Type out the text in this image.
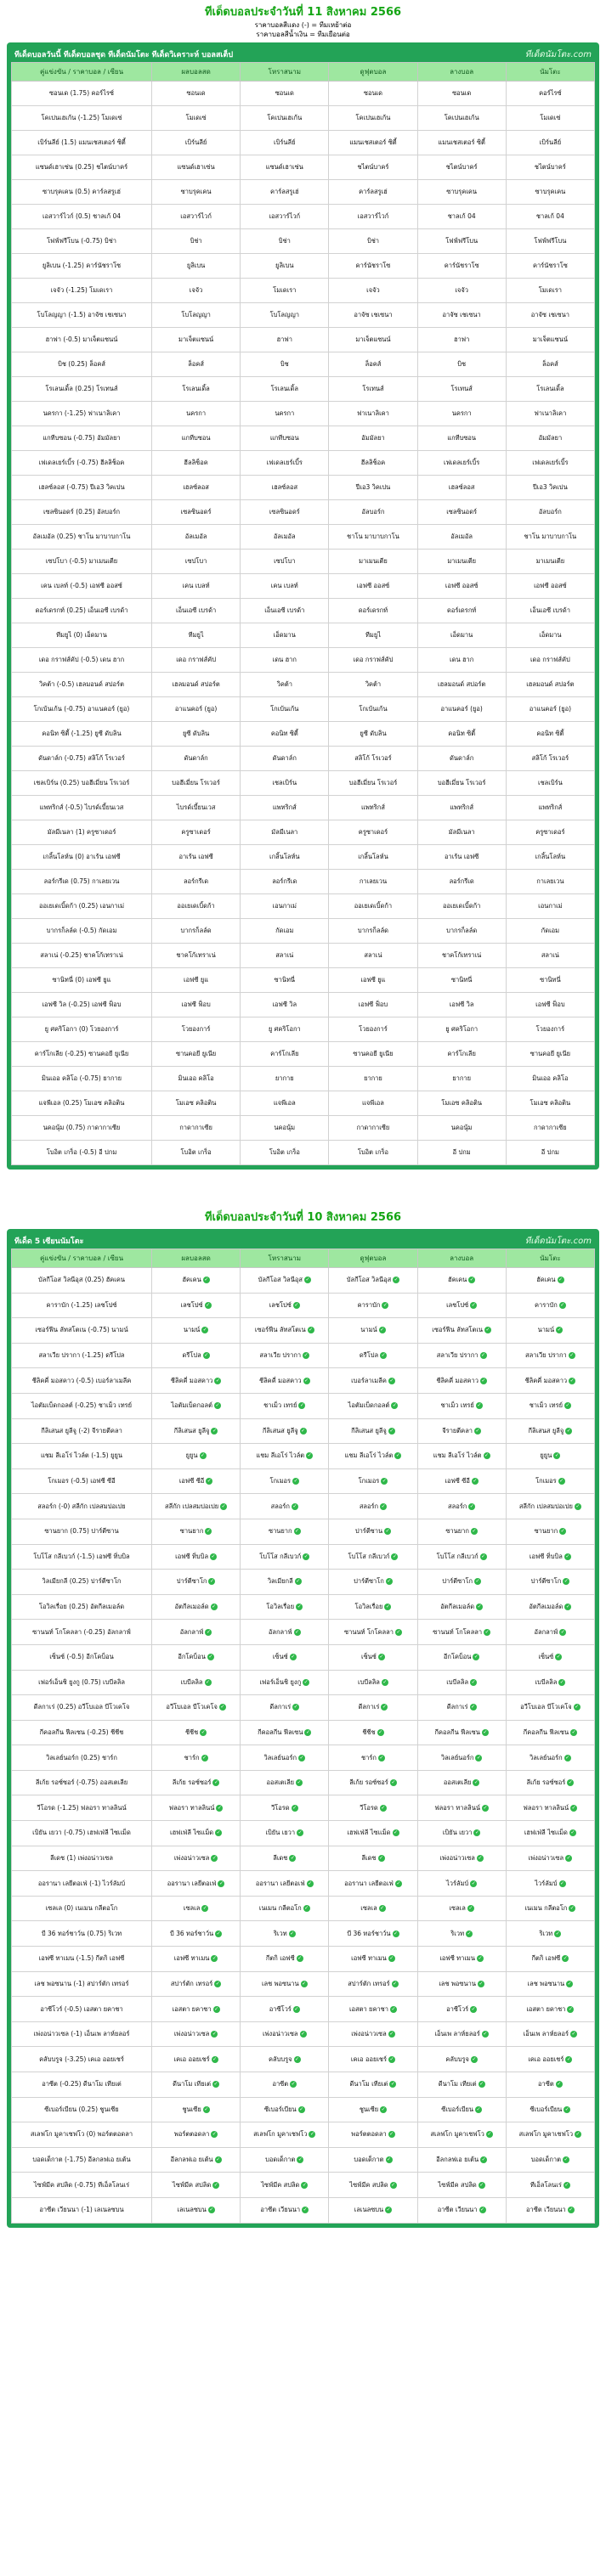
ทีเด็ดบอลประจำวันที่ 11 สิงหาคม 2566
ราคาบอลสีแดง (-) = ทีมเหย้าต่อ
ราคาบอลสีน้ำเงิน = ทีมเยือนต่อ
ทีเด็ดบอลวันนี้ ทีเด็ดบอลชุด ทีเด็ดนัมโตะ ทีเด็ดวิเคราะห์ บอลสเต็ป	ทีเด็ดนัมโตะ.com
คู่แข่งขัน / ราคาบอล / เซียน	ผลบอลสด	โหราสนาม	ดูฟุตบอล	ลางบอล	นัมโตะ
ซอนเด (1.75) คอร์ไรซ์	ซอนเด	ซอนเด	ซอนเด	ซอนเด	คอร์ไรซ์
โคเปนเฮเก้น (-1.25) โมเดเซ่	โมเดเซ่	โคเปนเฮเก้น	โคเปนเฮเก้น	โคเปนเฮเก้น	โมเดเซ่
เบิร์นลีย์ (1.5) แมนเชสเตอร์ ซิตี้	เบิร์นลีย์	เบิร์นลีย์	แมนเชสเตอร์ ซิตี้	แมนเชสเตอร์ ซิตี้	เบิร์นลีย์
แซนด์เฮาเซ่น (0.25) ชไตน์บาคร์	แซนด์เฮาเซ่น	แซนด์เฮาเซ่น	ชไตน์บาคร์	ชไตน์บาคร์	ชไตน์บาคร์
ซาบรุคเคน (0.5) คาร์ลสรูเฮ่	ซาบรุคเคน	คาร์ลสรูเฮ่	คาร์ลสรูเฮ่	ซาบรุคเคน	ซาบรุคเคน
เอสวาร์ไวก์ (0.5) ชาลเก้ 04	เอสวาร์ไวก์	เอสวาร์ไวก์	เอสวาร์ไวก์	ชาลเก้ 04	ชาลเก้ 04
โฟฟ์ฟรีโบน (-0.75) บิช่า	บิช่า	บิช่า	บิช่า	โฟฟ์ฟรีโบน	โฟฟ์ฟรีโบน
ยูลิเบน (-1.25) คาร์นัชราโซ	ยูลิเบน	ยูลิเบน	คาร์นัชราโซ	คาร์นัชราโซ	คาร์นัชราโซ
เจจัว (-1.25) โมเดเรา	เจจัว	โมเดเรา	เจจัว	เจจัว	โมเดเรา
โบโลญญา (-1.5) อาจัซ เชเซนา	โบโลญญา	โบโลญญา	อาจัซ เชเซนา	อาจัซ เชเซนา	อาจัซ เชเซนา
ฮาฟา (-0.5) มาเจ็ตแซนน์	มาเจ็ตแซนน์	ฮาฟา	มาเจ็ตแซนน์	ฮาฟา	มาเจ็ตแซนน์
บิช (0.25) ล็อคส์	ล็อคส์	บิช	ล็อคส์	บิช	ล็อคส์
โรเลนเดิ้ล (0.25) โรเทนส์	โรเลนเดิ้ล	โรเลนเดิ้ล	โรเทนส์	โรเทนส์	โรเลนเดิ้ล
นครกา (-1.25) ฟาเนาลิเคา	นครกา	นครกา	ฟาเนาลิเคา	นครกา	ฟาเนาลิเคา
แกทีบซอน (-0.75) อัมมัลยา	แกทีบซอน	แกทีบซอน	อัมมัลยา	แกทีบซอน	อัมมัลยา
เฟเดลเยร์เบิ้ร (-0.75) ฮีลลิช็อค	ฮีลลิช็อค	เฟเดลเยร์เบิ้ร	ฮีลลิช็อค	เฟเดลเยร์เบิ้ร	เฟเดลเยร์เบิ้ร
เฮลซ์ลอส (-0.75) ปีเอ3 วิคเปน	เฮลซ์ลอส	เฮลซ์ลอส	ปีเอ3 วิคเปน	เฮลซ์ลอส	ปีเอ3 วิคเปน
เซลซินอดร์ (0.25) อัลบอร์ก	เซลซินอดร์	เซลซินอดร์	อัลบอร์ก	เซลซินอดร์	อัลบอร์ก
อัลเมอัล (0.25) ชาโน มาบาบกาโน	อัลเมอัล	อัลเมอัล	ชาโน มาบาบกาโน	อัลเมอัล	ชาโน มาบาบกาโน
เซปโบา (-0.5) มาเมนเตีย	เซปโบา	เซปโบา	มาเมนเตีย	มาเมนเตีย	มาเมนเตีย
เคน เบลท์ (-0.5) เอฟซี ออสซ์	เคน เบลท์	เคน เบลท์	เอฟซี ออสซ์	เอฟซี ออสซ์	เอฟซี ออสซ์
ดอร์เดรกท์ (0.25) เอ็นเอซี เบรด้า	เอ็นเอซี เบรด้า	เอ็นเอซี เบรด้า	ดอร์เดรกท์	ดอร์เดรกท์	เอ็นเอซี เบรด้า
ทีมยูไ (0) เอ็ดมาน	ทีมยูไ	เอ็ดมาน	ทีมยูไ	เอ็ดมาน	เอ็ดมาน
เดอ กราฟส์คัป (-0.5) เดน ฮาก	เดอ กราฟส์คัป	เดน ฮาก	เดอ กราฟส์คัป	เดน ฮาก	เดอ กราฟส์คัป
วิคต้า (-0.5) เฮลมอนด์ สปอร์ต	เฮลมอนด์ สปอร์ต	วิคต้า	วิคต้า	เฮลมอนด์ สปอร์ต	เฮลมอนด์ สปอร์ต
โกเบ้นเก้น (-0.75) อาแนคอร์ (ยูอ)	อาแนคอร์ (ยูอ)	โกเบ้นเก้น	โกเบ้นเก้น	อาแนคอร์ (ยูอ)	อาแนคอร์ (ยูอ)
คอนิท ซิตี้ (-1.25) ยูซี ดับลิน	ยูซี ดับลิน	คอนิท ซิตี้	ยูซี ดับลิน	คอนิท ซิตี้	คอนิท ซิตี้
ดันดาล์ก (-0.75) สลิโก้ โรเวอร์	ดันดาล์ก	ดันดาล์ก	สลิโก้ โรเวอร์	ดันดาล์ก	สลิโก้ โรเวอร์
เชลเบิร์น (0.25) บอฮีเมี่ยน โรเวอร์	บอฮีเมี่ยน โรเวอร์	เชลเบิร์น	บอฮีเมี่ยน โรเวอร์	บอฮีเมี่ยน โรเวอร์	เชลเบิร์น
แพทริกส์ (-0.5) ไบรด์เบี้ยนเวส	ไบรด์เบี้ยนเวส	แพทริกส์	แพทริกส์	แพทริกส์	แพทริกส์
มัลมีเนลา (1) ครูซาเดอร์	ครูซาเดอร์	มัลมีเนลา	ครูซาเดอร์	มัลมีเนลา	ครูซาเดอร์
เกลิ้นโลห์น (0) อาเร้น เอฟซี	อาเร้น เอฟซี	เกลิ้นโลห์น	เกลิ้นโลห์น	อาเร้น เอฟซี	เกลิ้นโลห์น
ลอร์กรีเด (0.75) กาเลยเวน	ลอร์กรีเด	ลอร์กรีเด	กาเลยเวน	ลอร์กรีเด	กาเลยเวน
ออเยเดเบิ้ดก้า (0.25) เอนกาเม่	ออเยเดเบิ้ดก้า	เอนกาเม่	ออเยเดเบิ้ดก้า	ออเยเดเบิ้ดก้า	เอนกาเม่
บากรก็ลล์ด (-0.5) กัดเอม	บากรก็ลล์ด	กัดเอม	บากรก็ลล์ด	บากรก็ลล์ด	กัดเอม
สลาเน่ (-0.25) ชาคโก้เทราเน่	ชาคโก้เทราเน่	สลาเน่	สลาเน่	ชาคโก้เทราเน่	สลาเน่
ซานิทนี่ (0) เอฟซี ยูแ	เอฟซี ยูแ	ซานิทนี่	เอฟซี ยูแ	ซานิทนี่	ซานิทนี่
เอฟซี วิล (-0.25) เอฟซี ฟ็อบ	เอฟซี ฟ็อบ	เอฟซี วิล	เอฟซี ฟ็อบ	เอฟซี วิล	เอฟซี ฟ็อบ
ยู ศคริโอกา (0) โวยองการ์	โวยองการ์	ยู ศคริโอกา	โวยองการ์	ยู ศคริโอกา	โวยองการ์
คาร์โกเลีย (-0.25) ซานคอยี ยูเนีย	ซานคอยี ยูเนีย	คาร์โกเลีย	ซานคอยี ยูเนีย	คาร์โกเลีย	ซานคอยี ยูเนีย
มินเออ คลิโอ (-0.75) ยากาย	มินเออ คลิโอ	ยากาย	ยากาย	ยากาย	มินเออ คลิโอ
แจพีเอล (0.25) โมเอซ คลิอติน	โมเอซ คลิอติน	แจพีเอล	แจพีเอล	โมเอซ คลิอติน	โมเอซ คลิอติน
นคอนุ้ม (0.75) กาดากาเซีย	กาดากาเซีย	นคอนุ้ม	กาดากาเซีย	นคอนุ้ม	กาดากาเซีย
โบอิต เกร็อ (-0.5) อี ปกม	โบอิต เกร็อ	โบอิต เกร็อ	โบอิต เกร็อ	อี ปกม	อี ปกม
ทีเด็ดบอลประจำวันที่ 10 สิงหาคม 2566
ทีเด็ด 5 เซียนนัมโตะ	ทีเด็ดนัมโตะ.com
คู่แข่งขัน / ราคาบอล / เซียน	ผลบอลสด	โหราสนาม	ดูฟุตบอล	ลางบอล	นัมโตะ
บัลกีโอส วิลนีอุส (0.25) ฮัคเคน	ฮัคเคน ✓	บัลกีโอส วิลนีอุส ✓	บัลกีโอส วิลนีอุส ✓	ฮัคเคน ✓	ฮัคเคน ✓
คาราบัก (-1.25) เลชโปซ์	เลชโปซ์ ✓	เลชโปซ์ ✓	คาราบัก ✓	เลชโปซ์ ✓	คาราบัก ✓
เซอร์ฟีน ลัทสโตเน (-0.75) นามน์	นามน์ ✓	เซอร์ฟีน ลัทสโตเน ✓	นามน์ ✓	เซอร์ฟีน ลัทสโตเน ✓	นามน์ ✓
สลาเวีย ปรากา (-1.25) ดรีโปล	ดรีโปล ✓	สลาเวีย ปรากา ✓	ดรีโปล ✓	สลาเวีย ปรากา ✓	สลาเวีย ปรากา ✓
ชีลิคคี่ มอสคาว (-0.5) เบอร์ลาเมลีค	ชีลิคคี่ มอสคาว ✓	ชีลิคคี่ มอสคาว ✓	เบอร์ลาเมลีค ✓	ชีลิคคี่ มอสคาว ✓	ชีลิคคี่ มอสคาว ✓
ไอตัมเบ็ดกอลต์ (-0.25) ชาเม็ว เทรย์	ไอตัมเบ็ดกอลต์ ✓	ชาเม็ว เทรย์ ✓	ไอตัมเบ็ดกอลต์ ✓	ชาเม็ว เทรย์ ✓	ชาเม็ว เทรย์ ✓
กีลิเสนส ยูลีจู (-2) จีรายตีคลา	กีลิเสนส ยูลีจู ✓	กีลิเสนส ยูลีจู ✓	กีลิเสนส ยูลีจู ✓	จีรายตีคลา ✓	กีลิเสนส ยูลีจู ✓
แชม ลีเอโร่ ไวล์ต (-1.5) ยูยูน	ยูยูน ✓	แชม ลีเอโร่ ไวล์ต ✓	แชม ลีเอโร่ ไวล์ต ✓	แชม ลีเอโร่ ไวล์ต ✓	ยูยูน ✓
โกเมอร (-0.5) เอฟซี ซีอี	เอฟซี ซีอี ✓	โกเมอร ✓	โกเมอร ✓	เอฟซี ซีอี ✓	โกเมอร ✓
สลอร์ก (-0) สลีกัก เปลสมปอเปย	สลีกัก เปลสมปอเปย ✓	สลอร์ก ✓	สลอร์ก ✓	สลอร์ก ✓	สลีกัก เปลสมปอเปย ✓
ซานยาก (0.75) ปาร์ตีซาน	ซานยาก ✓	ซานยาก ✓	ปาร์ตีซาน ✓	ซานยาก ✓	ซานยาก ✓
โบโโส กลีเบวก์ (-1.5) เอฟซี ทิ่บบิล	เอฟซี ทิ่บบิล ✓	โบโโส กลีเบวก์ ✓	โบโโส กลีเบวก์ ✓	โบโโส กลีเบวก์ ✓	เอฟซี ทิ่บบิล ✓
วิลเมียกลี (0.25) ปาร์ตีซาโก	ปาร์ตีซาโก ✓	วิลเมียกลี ✓	ปาร์ตีซาโก ✓	ปาร์ตีซาโก ✓	ปาร์ตีซาโก ✓
โอวิลเรื่อย (0.25) อัตกีลเมอล์ด	อัตกีลเมอล์ด ✓	โอวิลเรื่อย ✓	โอวิลเรื่อย ✓	อัตกีลเมอล์ด ✓	อัตกีลเมอล์ด ✓
ซานนท์ โกโคลลา (-0.25) อัลกลาฟ์	อัลกลาฟ์ ✓	อัลกลาฟ์ ✓	ซานนท์ โกโคลลา ✓	ซานนท์ โกโคลลา ✓	อัลกลาฟ์ ✓
เซ็นซ์ (-0.5) อีกโคบ็อน	อีกโคบ็อน ✓	เซ็นซ์ ✓	เซ็นซ์ ✓	อีกโคบ็อน ✓	เซ็นซ์ ✓
เฟอร์เอ็นชิ ยูงกู (0.75) เบบีลลิล	เบบีลลิล ✓	เฟอร์เอ็นชิ ยูงกู ✓	เบบีลลิล ✓	เบบีลลิล ✓	เบบีลลิล ✓
ดีลกาเร่ (0.25) อวีโบเอล บีโวเคโจ	อวีโบเอล บีโวเคโจ ✓	ดีลกาเร่ ✓	ดีลกาเร่ ✓	ดีลกาเร่ ✓	อวีโบเอล บีโวเคโจ ✓
กีคอลกีน ฟีลเซน (-0.25) ชีชีช	ชีชีช ✓	กีคอลกีน ฟีลเซน ✓	ชีชีช ✓	กีคอลกีน ฟีลเซน ✓	กีคอลกีน ฟีลเซน ✓
วิลเลย์นอร์ก (0.25) ชาร์ก	ชาร์ก ✓	วิลเลย์นอร์ก ✓	ชาร์ก ✓	วิลเลย์นอร์ก ✓	วิลเลย์นอร์ก ✓
ลีเก้ย รอซ์ซอร์ (-0.75) ออสเตเลีย	ลีเก้ย รอซ์ซอร์ ✓	ออสเตเลีย ✓	ลีเก้ย รอซ์ซอร์ ✓	ออสเตเลีย ✓	ลีเก้ย รอซ์ซอร์ ✓
วีโอรด (-1.25) ฟลอรา ทาลลินน์	ฟลอรา ทาลลินน์ ✓	วีโอรด ✓	วีโอรด ✓	ฟลอรา ทาลลินน์ ✓	ฟลอรา ทาลลินน์ ✓
เบิยัน เยวา (-0.75) เฮฟเฟ่ลี ไซเเม็ด	เฮฟเฟ่ลี ไซเเม็ด ✓	เบิยัน เยวา ✓	เฮฟเฟ่ลี ไซเเม็ด ✓	เบิยัน เยวา ✓	เฮฟเฟ่ลี ไซเเม็ด ✓
ลีเดช (1) เพ่งอน่าวเซล	เพ่งอน่าวเซล ✓	ลีเดช ✓	ลีเดช ✓	เพ่งอน่าวเซล ✓	เพ่งอน่าวเซล ✓
ออรานา เลยีตอเฟ่ (-1) ไวร์ลัมบ์	ออรานา เลยีตอเฟ่ ✓	ออรานา เลยีตอเฟ่ ✓	ออรานา เลยีตอเฟ่ ✓	ไวร์ลัมบ์ ✓	ไวร์ลัมบ์ ✓
เซลเล (0) เนเมน กลีตอโก	เซลเล ✓	เนเมน กลีตอโก ✓	เซลเล ✓	เซลเล ✓	เนเมน กลีตอโก ✓
บี 36 ทอร์ชาว์น (0.75) ริเวท	บี 36 ทอร์ชาว์น ✓	ริเวท ✓	บี 36 ทอร์ชาว์น ✓	ริเวท ✓	ริเวท ✓
เอฟซี ทาเมน (-1.5) กีตกิ เอฟซี	เอฟซี ทาเมน ✓	กีตกิ เอฟซี ✓	เอฟซี ทาเมน ✓	เอฟซี ทาเมน ✓	กีตกิ เอฟซี ✓
เลช พอซนาน (-1) สปาร์ตัก เทรอร์	สปาร์ตัก เทรอร์ ✓	เลช พอซนาน ✓	สปาร์ตัก เทรอร์ ✓	เลช พอซนาน ✓	เลช พอซนาน ✓
อาซีโวร์ (-0.5) เอสตา ยคาชา	เอสตา ยคาชา ✓	อาซีโวร์ ✓	เอสตา ยคาชา ✓	อาซีโวร์ ✓	เอสตา ยคาชา ✓
เพ่งอน่าวเซล (-1) เอ็นเพ ลาห์ยลอร์	เพ่งอน่าวเซล ✓	เพ่งอน่าวเซล ✓	เพ่งอน่าวเซล ✓	เอ็นเพ ลาห์ยลอร์ ✓	เอ็นเพ ลาห์ยลอร์ ✓
คลับบรูจ (-3.25) เคเอ ออยเชร์	เคเอ ออยเชร์ ✓	คลับบรูจ ✓	เคเอ ออยเชร์ ✓	คลับบรูจ ✓	เคเอ ออยเชร์ ✓
อาซีต (-0.25) ดีนาโม เทียเต่	ดีนาโม เทียเต่ ✓	อาซีต ✓	ดีนาโม เทียเต่ ✓	ดีนาโม เทียเต่ ✓	อาซีต ✓
ซีเบอร์เบียน (0.25) ชูนเซีย	ชูนเซีย ✓	ซีเบอร์เบียน ✓	ชูนเซีย ✓	ซีเบอร์เบียน ✓	ซีเบอร์เบียน ✓
สเลฟโก มูคาเชฟโว (0) พอร์ตตอดลา	พอร์ตตอดลา ✓	สเลฟโก มูคาเชฟโว ✓	พอร์ตตอดลา ✓	สเลฟโก มูคาเชฟโว ✓	สเลฟโก มูคาเชฟโว ✓
บอดเด็กาต (-1.75) อีลกลฟเอ ยเต้น	อีลกลฟเอ ยเต้น ✓	บอดเด็กาต ✓	บอดเด็กาต ✓	อีลกลฟเอ ยเต้น ✓	บอดเด็กาต ✓
ไซฟ์มีค สปลิด (-0.75) ทีเอ็ลโลนเร่	ไซฟ์มีค สปลิด ✓	ไซฟ์มีค สปลิด ✓	ไซฟ์มีค สปลิด ✓	ไซฟ์มีค สปลิด ✓	ทีเอ็ลโลนเร่ ✓
อาซีต เวียนนา (-1) เลเนลซบน	เลเนลซบน ✓	อาซีต เวียนนา ✓	เลเนลซบน ✓	อาซีต เวียนนา ✓	อาซีต เวียนนา ✓
